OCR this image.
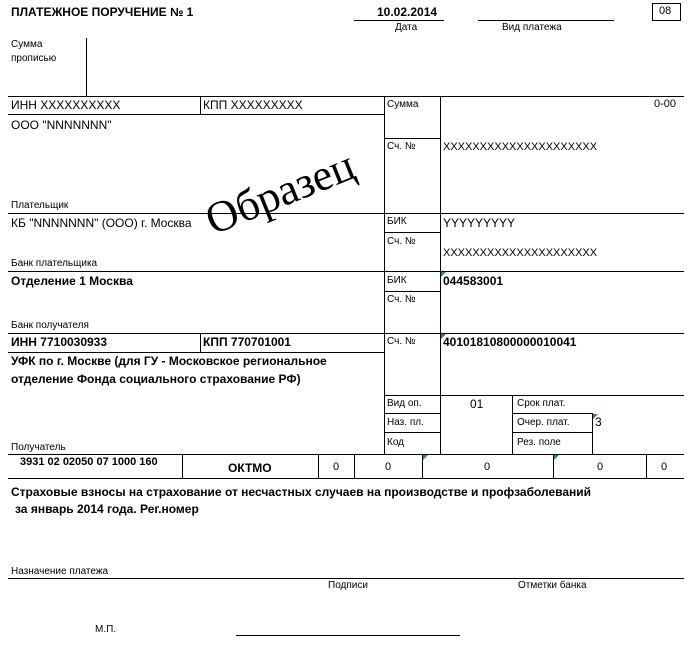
ПЛАТЕЖНОЕ ПОРУЧЕНИЕ № 1	10.02.2014
Дата	Вид платежа
08
Сумма
прописью
ИНН XXXXXXXXXX	КПП XXXXXXXXX	Сумма	0-00
ООО "NNNNNNN"
Сч. № XXXXXXXXXXXXXXXXXXXXX
Плательщик
КБ "NNNNNNN" (ООО) г. Москва	БИК	YYYYYYYYY
Сч. №
XXXXXXXXXXXXXXXXXXXXX
Банк плательщика
Отделение 1 Москва	БИК	044583001
Сч. №
Банк получателя
ИНН 7710030933	КПП 770701001	Сч. № 40101810800000010041
УФК по г. Москве (для ГУ - Московское региональное
отделение Фонда социального страхование РФ)
Получатель
Вид оп.	01	Срок плат.
Наз. пл.	Очер. плат. 3
Код	Рез. поле
3931 02 02050 07 1000 160	ОКТМО	0	0	0	0	0
Страховые взносы на страхование от несчастных случаев на производстве и профзаболеваний
за январь 2014 года. Рег.номер
Назначение платежа
Подписи	Отметки банка
М.П.
Образец
